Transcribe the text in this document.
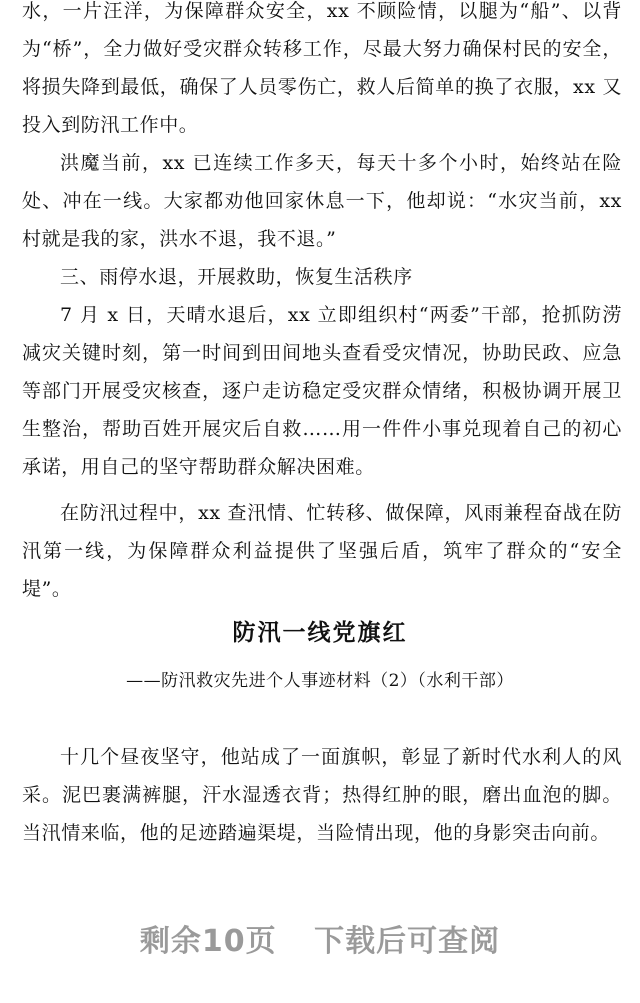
水，一片汪洋，为保障群众安全，xx 不顾险情，以腿为“船”、以背为“桥”，全力做好受灾群众转移工作，尽最大努力确保村民的安全，将损失降到最低，确保了人员零伤亡，救人后简单的换了衣服，xx 又投入到防汛工作中。

洪魔当前，xx 已连续工作多天，每天十多个小时，始终站在险处、冲在一线。大家都劝他回家休息一下，他却说：“水灾当前，xx 村就是我的家，洪水不退，我不退。”

三、雨停水退，开展救助，恢复生活秩序

7 月 x 日，天晴水退后，xx 立即组织村“两委”干部，抢抓防涝减灾关键时刻，第一时间到田间地头查看受灾情况，协助民政、应急等部门开展受灾核查，逐户走访稳定受灾群众情绪，积极协调开展卫生整治，帮助百姓开展灾后自救……用一件件小事兑现着自己的初心承诺，用自己的坚守帮助群众解决困难。

在防汛过程中，xx 查汛情、忙转移、做保障，风雨兼程奋战在防汛第一线，为保障群众利益提供了坚强后盾，筑牢了群众的“安全堤”。

防汛一线党旗红
——防汛救灾先进个人事迹材料（2）（水利干部）

十几个昼夜坚守，他站成了一面旗帜，彰显了新时代水利人的风采。泥巴裹满裤腿，汗水湿透衣背；热得红肿的眼，磨出血泡的脚。当汛情来临，他的足迹踏遍渠堤，当险情出现，他的身影突击向前。

剩余10页 下载后可查阅
